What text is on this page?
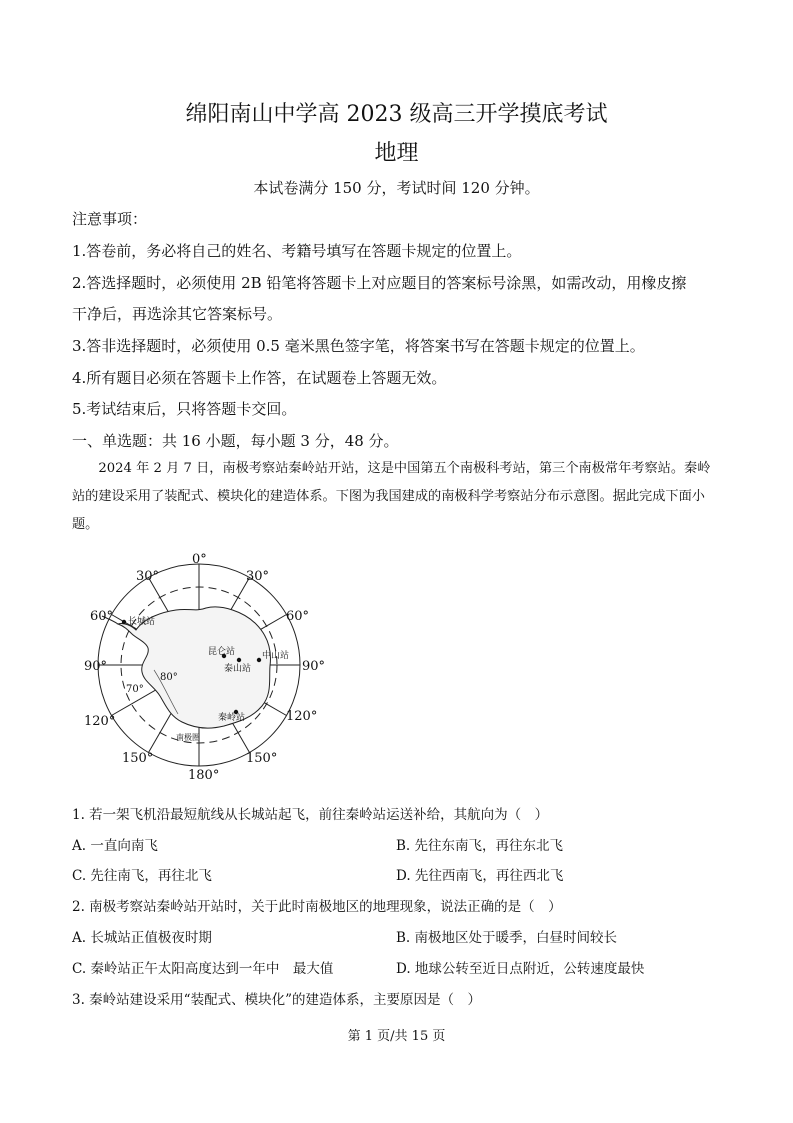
绵阳南山中学高 2023 级高三开学摸底考试
地理
本试卷满分 150 分，考试时间 120 分钟。
注意事项：
1.答卷前，务必将自己的姓名、考籍号填写在答题卡规定的位置上。
2.答选择题时，必须使用 2B 铅笔将答题卡上对应题目的答案标号涂黑，如需改动，用橡皮擦
干净后，再选涂其它答案标号。
3.答非选择题时，必须使用 0.5 毫米黑色签字笔，将答案书写在答题卡规定的位置上。
4.所有题目必须在答题卡上作答，在试题卷上答题无效。
5.考试结束后，只将答题卡交回。
一、单选题：共 16 小题，每小题 3 分，48 分。
2024 年 2 月 7 日，南极考察站秦岭站开站，这是中国第五个南极科考站，第三个南极常年考察站。秦岭站的建设采用了装配式、模块化的建造体系。下图为我国建成的南极科学考察站分布示意图。据此完成下面小题。
0°
30°	30°
60°	60°
90°	90°
120°	120°
150°	150°
180°
70°
80°
长城站
昆仑站	中山站
泰山站
秦岭站
南极圈
1. 若一架飞机沿最短航线从长城站起飞，前往秦岭站运送补给，其航向为（　）
A. 一直向南飞	B. 先往东南飞，再往东北飞
C. 先往南飞，再往北飞	D. 先往西南飞，再往西北飞
2. 南极考察站秦岭站开站时，关于此时南极地区的地理现象，说法正确的是（　）
A. 长城站正值极夜时期	B. 南极地区处于暖季，白昼时间较长
C. 秦岭站正午太阳高度达到一年中　最大值	D. 地球公转至近日点附近，公转速度最快
3. 秦岭站建设采用“装配式、模块化”的建造体系，主要原因是（　）
第 1 页/共 15 页
